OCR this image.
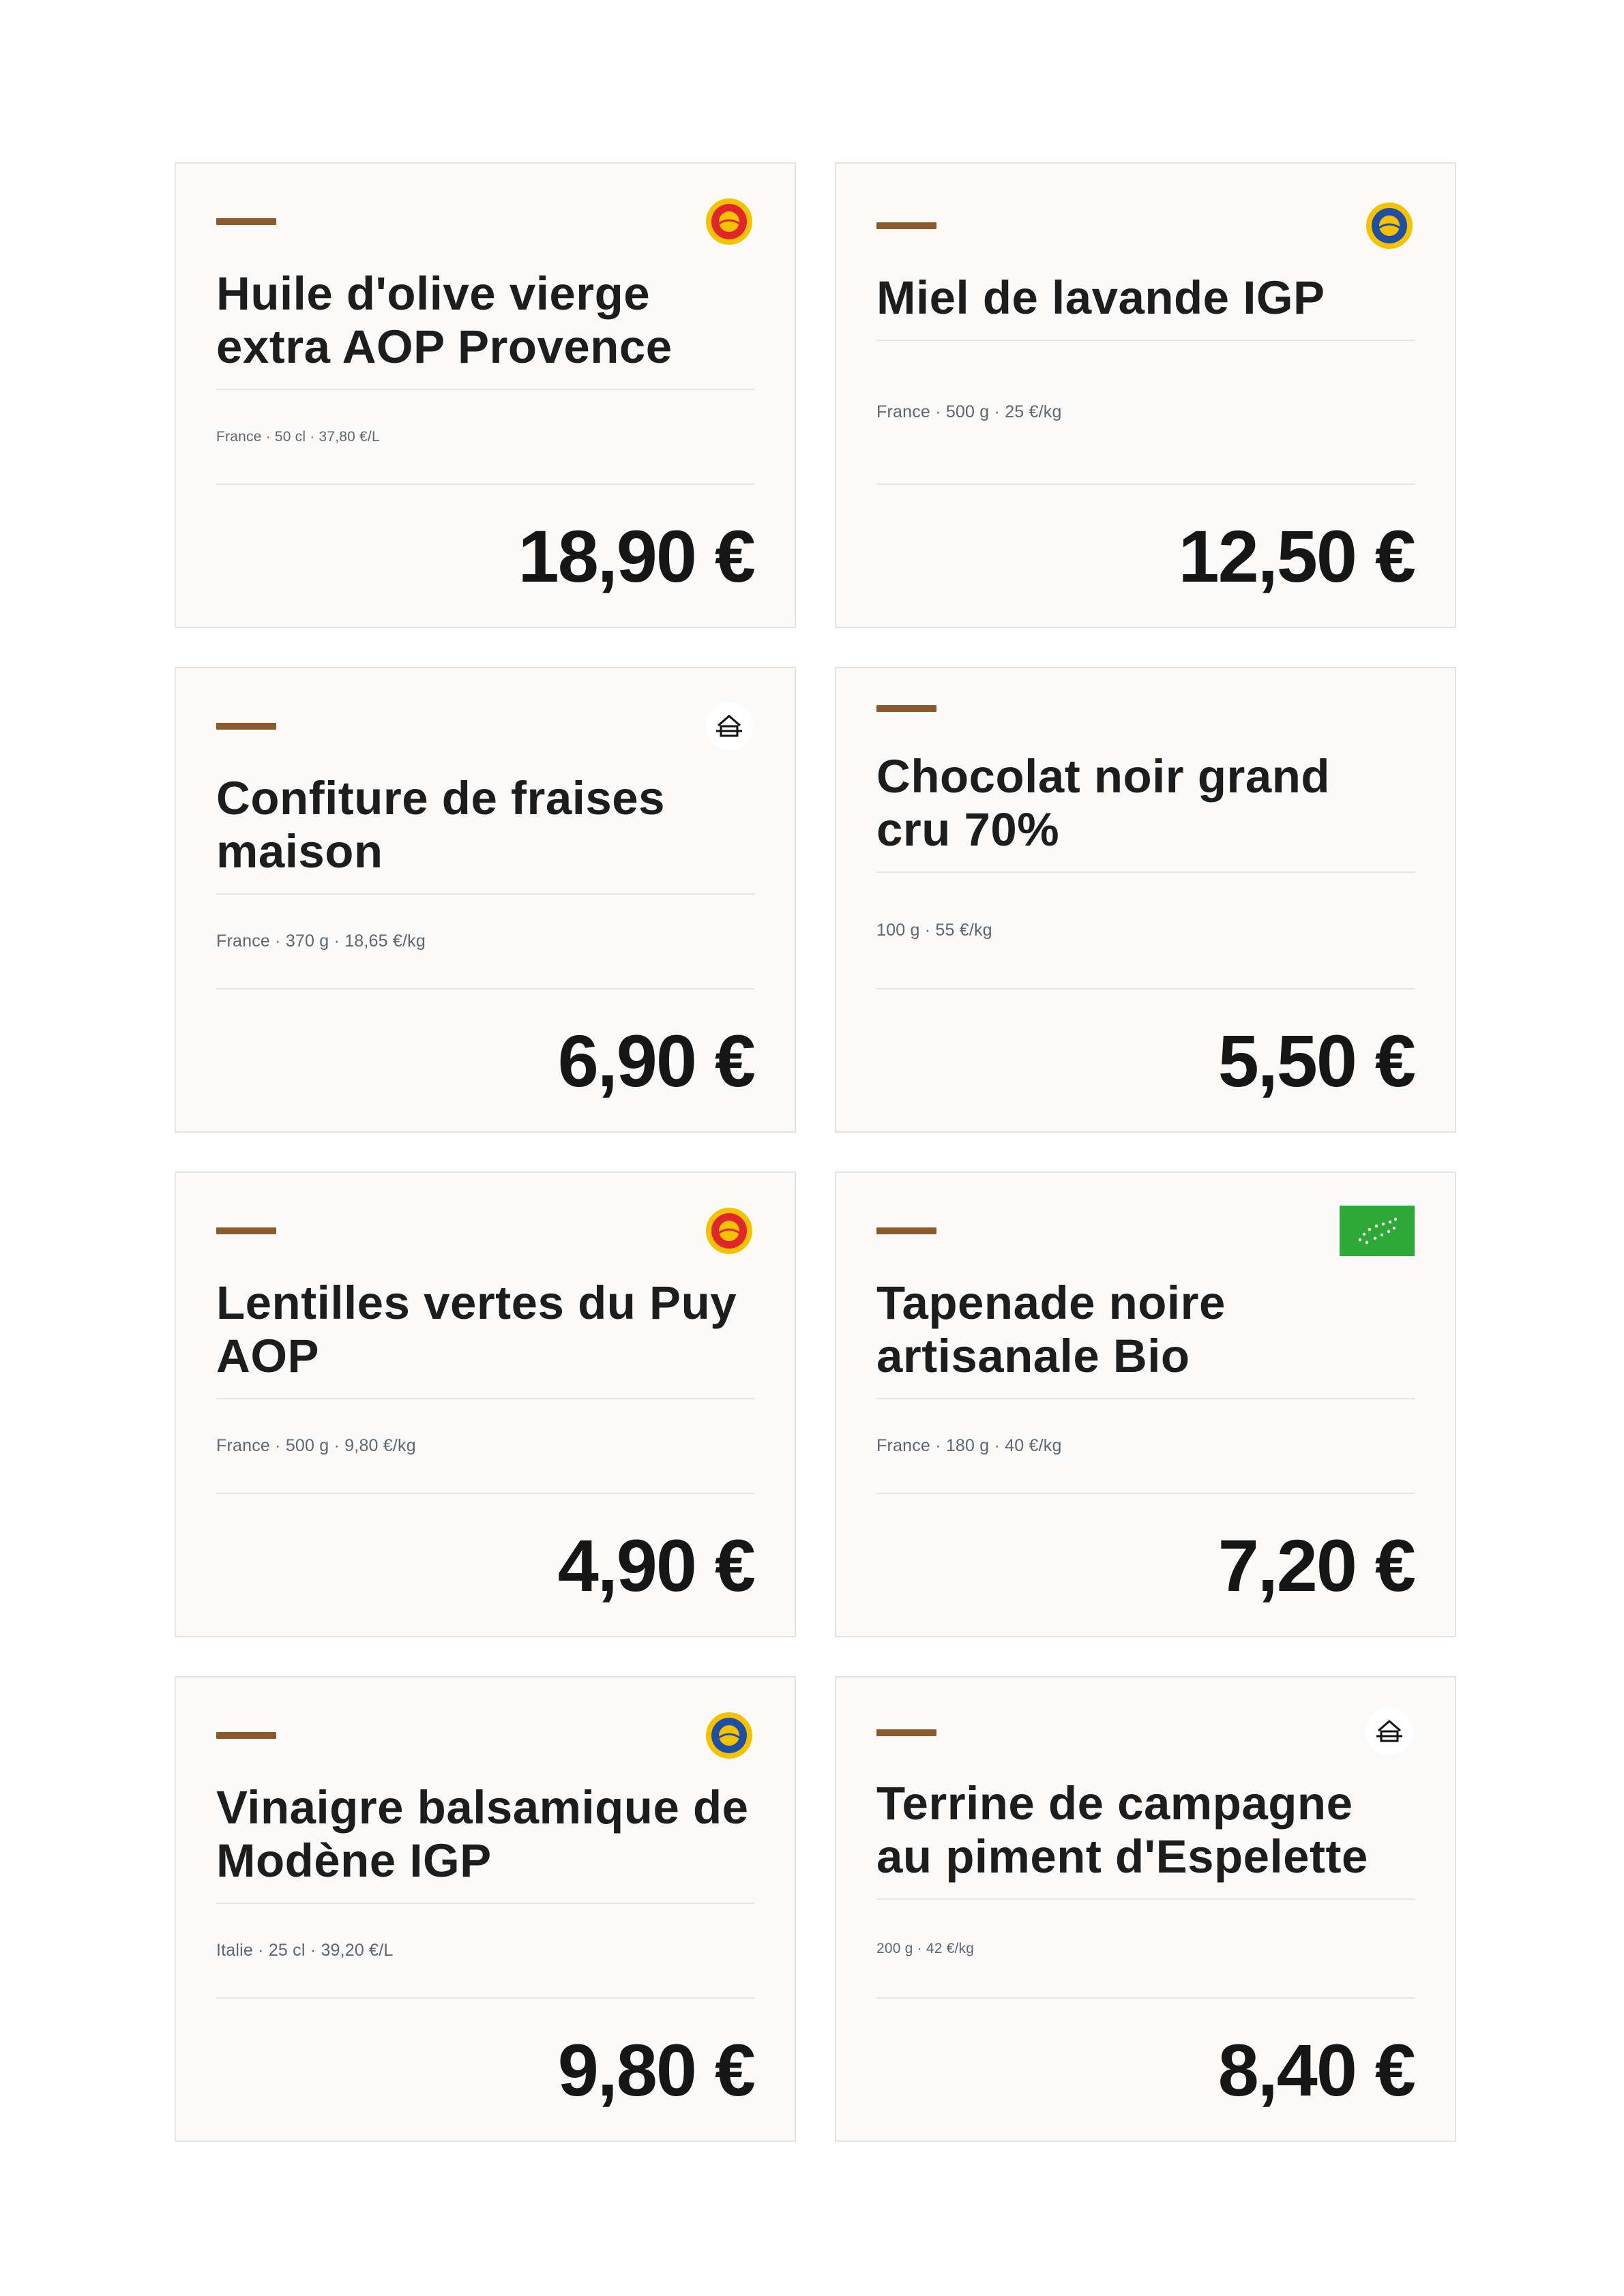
Huile d'olive vierge extra AOP Provence
France · 50 cl · 37,80 €/L
18,90 €
Miel de lavande IGP
France · 500 g · 25 €/kg
12,50 €
Confiture de fraises maison
France · 370 g · 18,65 €/kg
6,90 €
Chocolat noir grand cru 70%
100 g · 55 €/kg
5,50 €
Lentilles vertes du Puy AOP
France · 500 g · 9,80 €/kg
4,90 €
Tapenade noire artisanale Bio
France · 180 g · 40 €/kg
7,20 €
Vinaigre balsamique de Modène IGP
Italie · 25 cl · 39,20 €/L
9,80 €
Terrine de campagne au piment d'Espelette
200 g · 42 €/kg
8,40 €
